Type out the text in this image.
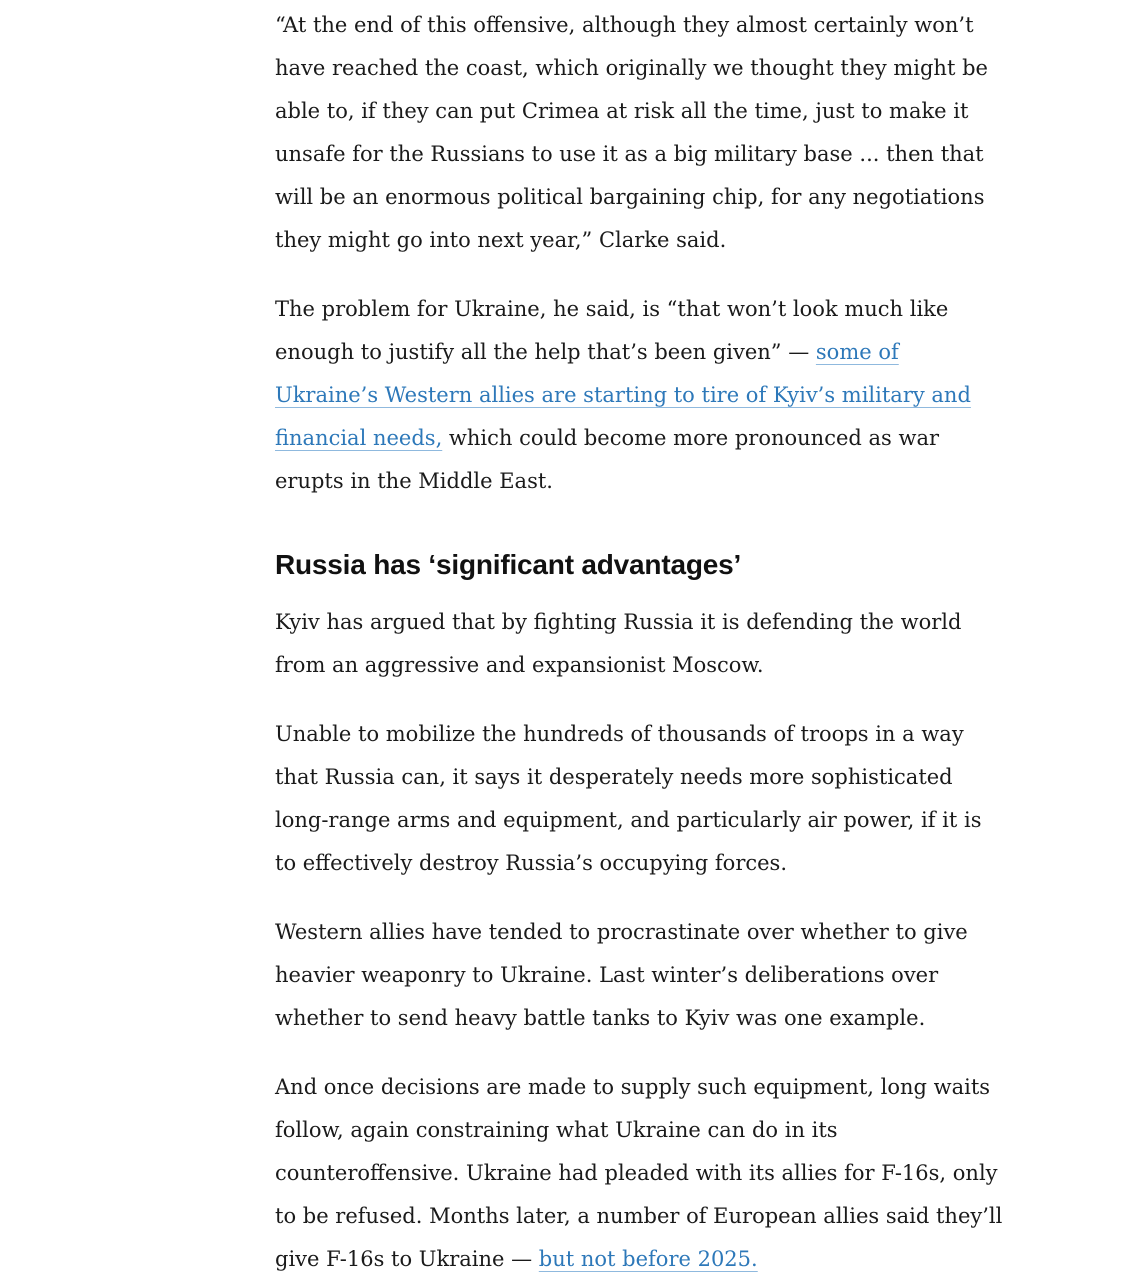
“At the end of this offensive, although they almost certainly won’t have reached the coast, which originally we thought they might be able to, if they can put Crimea at risk all the time, just to make it unsafe for the Russians to use it as a big military base ... then that will be an enormous political bargaining chip, for any negotiations they might go into next year,” Clarke said.

The problem for Ukraine, he said, is “that won’t look much like enough to justify all the help that’s been given” — some of Ukraine’s Western allies are starting to tire of Kyiv’s military and financial needs, which could become more pronounced as war erupts in the Middle East.

Russia has ‘significant advantages’

Kyiv has argued that by fighting Russia it is defending the world from an aggressive and expansionist Moscow.

Unable to mobilize the hundreds of thousands of troops in a way that Russia can, it says it desperately needs more sophisticated long-range arms and equipment, and particularly air power, if it is to effectively destroy Russia’s occupying forces.

Western allies have tended to procrastinate over whether to give heavier weaponry to Ukraine. Last winter’s deliberations over whether to send heavy battle tanks to Kyiv was one example.

And once decisions are made to supply such equipment, long waits follow, again constraining what Ukraine can do in its counteroffensive. Ukraine had pleaded with its allies for F-16s, only to be refused. Months later, a number of European allies said they’ll give F-16s to Ukraine — but not before 2025.
